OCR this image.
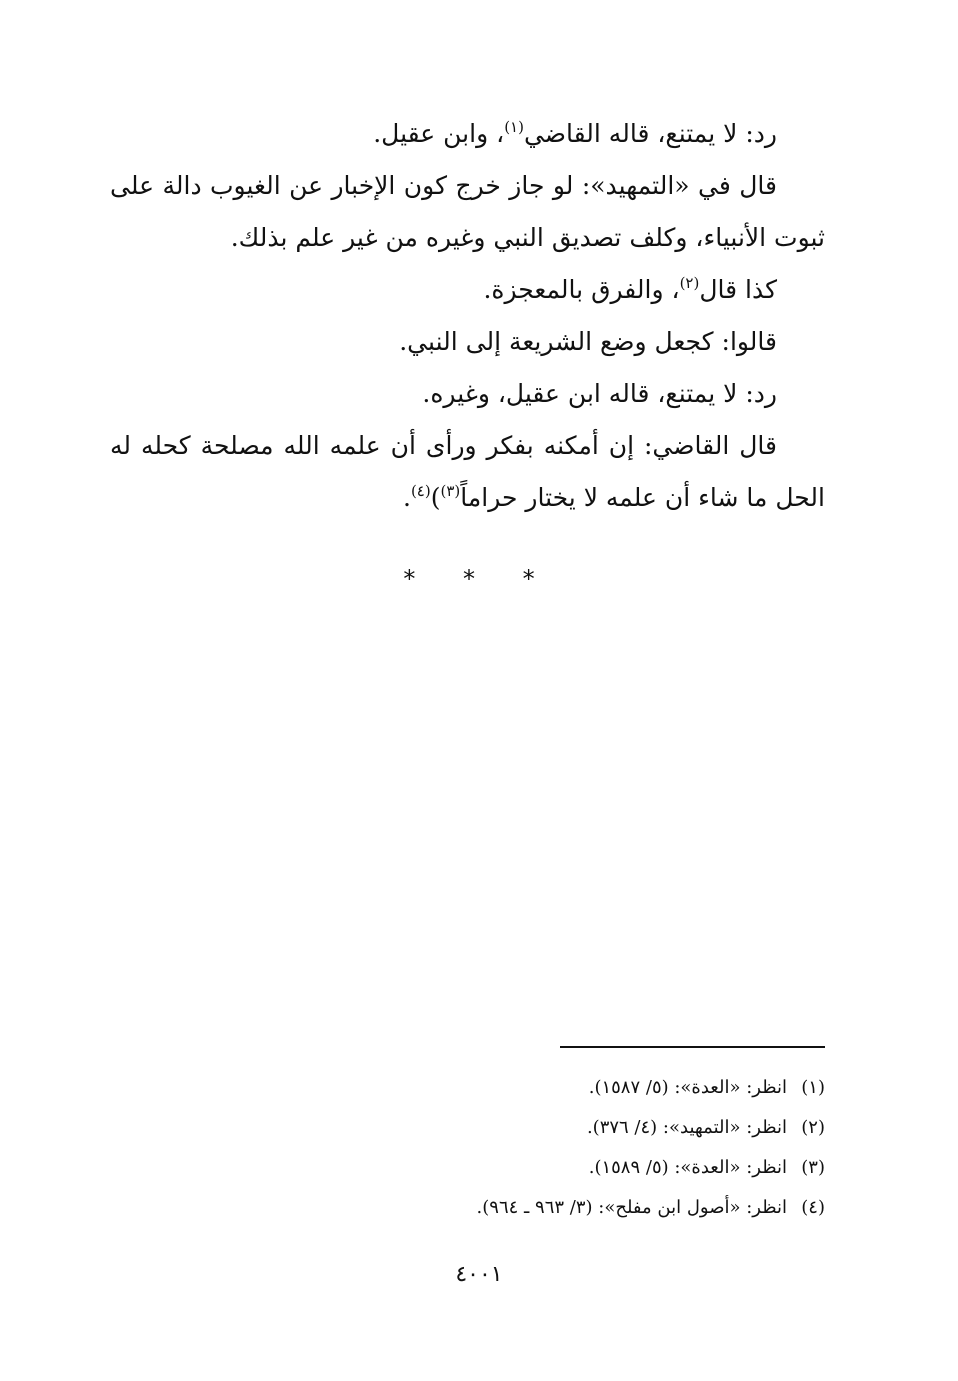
رد: لا يمتنع، قاله القاضي$^{(١)}$، وابن عقيل.

قال في «التمهيد»: لو جاز خرج كون الإخبار عن الغيوب دالة على ثبوت الأنبياء، وكلف تصديق النبي وغيره من غير علم بذلك.

كذا قال$^{(٢)}$، والفرق بالمعجزة.

قالوا: كجعل وضع الشريعة إلى النبي.

رد: لا يمتنع، قاله ابن عقيل، وغيره.

قال القاضي: إن أمكنه بفكر ورأى أن علمه الله مصلحة كحله له الحل ما شاء أن علمه لا يختار حراماً$^{(٣)}$)$^{(٤)}$.

* * *
(١)انظر: «العدة»: (٥/ ١٥٨٧).
(٢)انظر: «التمهيد»: (٤/ ٣٧٦).
(٣)انظر: «العدة»: (٥/ ١٥٨٩).
(٤)انظر: «أصول ابن مفلح»: (٣/ ٩٦٣ ـ ٩٦٤).
٤٠٠١
